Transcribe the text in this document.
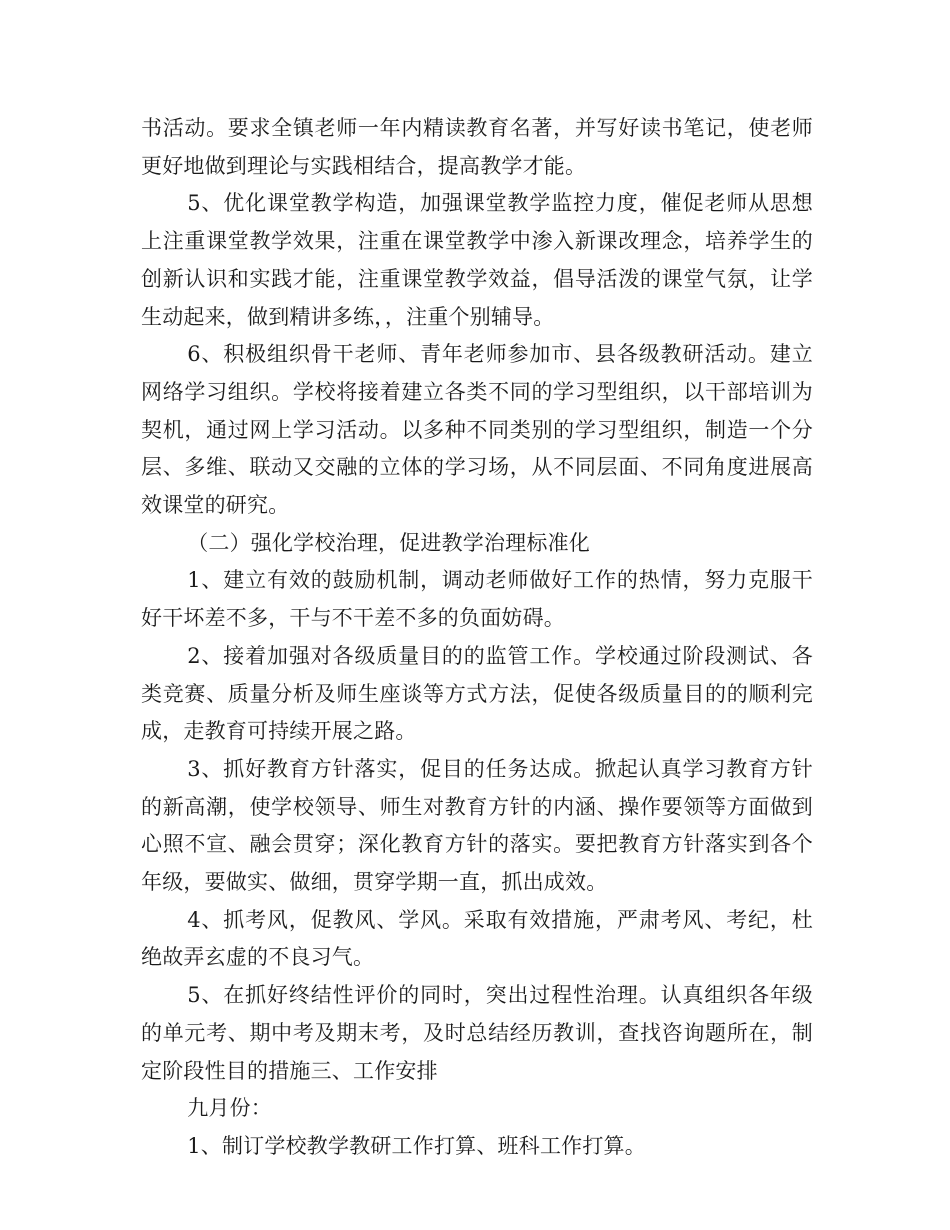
书活动。要求全镇老师一年内精读教育名著，并写好读书笔记，使老师更好地做到理论与实践相结合，提高教学才能。

5、优化课堂教学构造，加强课堂教学监控力度，催促老师从思想上注重课堂教学效果，注重在课堂教学中渗入新课改理念，培养学生的创新认识和实践才能，注重课堂教学效益，倡导活泼的课堂气氛，让学生动起来，做到精讲多练，，注重个别辅导。

6、积极组织骨干老师、青年老师参加市、县各级教研活动。建立网络学习组织。学校将接着建立各类不同的学习型组织，以干部培训为契机，通过网上学习活动。以多种不同类别的学习型组织，制造一个分层、多维、联动又交融的立体的学习场，从不同层面、不同角度进展高效课堂的研究。

（二）强化学校治理，促进教学治理标准化

1、建立有效的鼓励机制，调动老师做好工作的热情，努力克服干好干坏差不多，干与不干差不多的负面妨碍。

2、接着加强对各级质量目的的监管工作。学校通过阶段测试、各类竞赛、质量分析及师生座谈等方式方法，促使各级质量目的的顺利完成，走教育可持续开展之路。

3、抓好教育方针落实，促目的任务达成。掀起认真学习教育方针的新高潮，使学校领导、师生对教育方针的内涵、操作要领等方面做到心照不宣、融会贯穿；深化教育方针的落实。要把教育方针落实到各个年级，要做实、做细，贯穿学期一直，抓出成效。

4、抓考风，促教风、学风。采取有效措施，严肃考风、考纪，杜绝故弄玄虚的不良习气。

5、在抓好终结性评价的同时，突出过程性治理。认真组织各年级的单元考、期中考及期末考，及时总结经历教训，查找咨询题所在，制定阶段性目的措施三、工作安排

九月份：

1、制订学校教学教研工作打算、班科工作打算。
